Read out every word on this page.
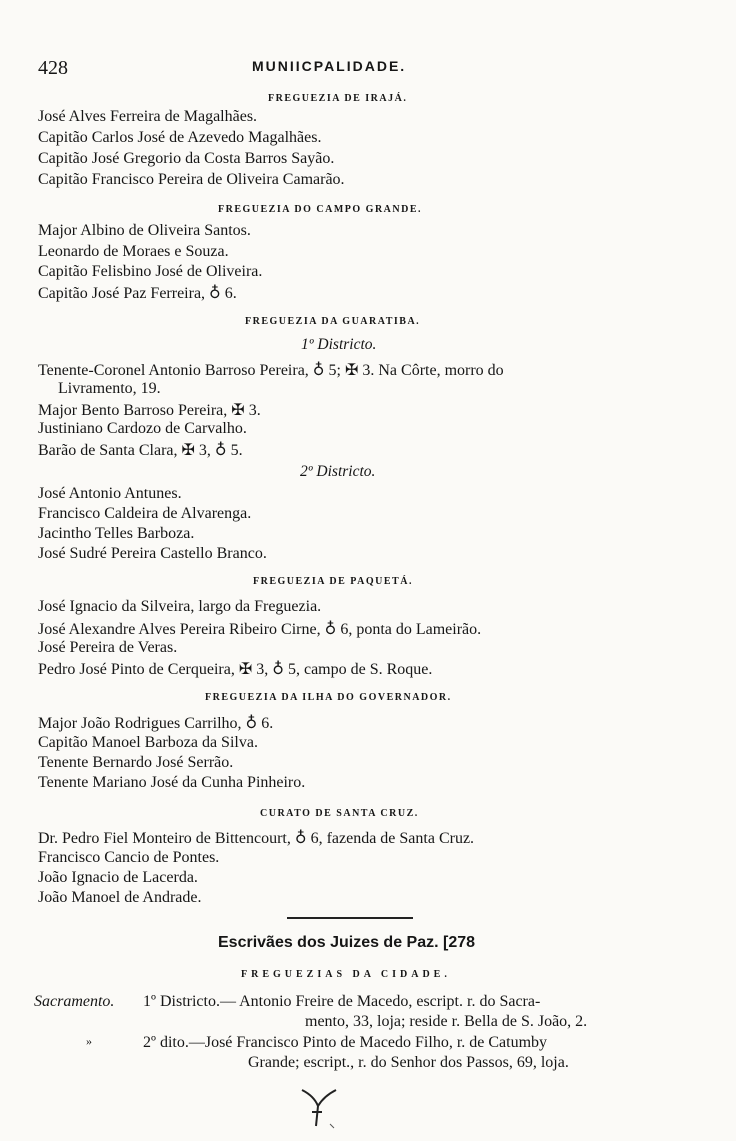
428	MUNIICPALIDADE.
FREGUEZIA DE IRAJÁ.
José Alves Ferreira de Magalhães.
Capitão Carlos José de Azevedo Magalhães.
Capitão José Gregorio da Costa Barros Sayão.
Capitão Francisco Pereira de Oliveira Camarão.
FREGUEZIA DO CAMPO GRANDE.
Major Albino de Oliveira Santos.
Leonardo de Moraes e Souza.
Capitão Felisbino José de Oliveira.
Capitão José Paz Ferreira, ♁ 6.
FREGUEZIA DA GUARATIBA.
1º Districto.
Tenente-Coronel Antonio Barroso Pereira, ♁ 5; ✠ 3. Na Côrte, morro do
Livramento, 19.
Major Bento Barroso Pereira, ✠ 3.
Justiniano Cardozo de Carvalho.
Barão de Santa Clara, ✠ 3, ♁ 5.
2º Districto.
José Antonio Antunes.
Francisco Caldeira de Alvarenga.
Jacintho Telles Barboza.
José Sudré Pereira Castello Branco.
FREGUEZIA DE PAQUETÁ.
José Ignacio da Silveira, largo da Freguezia.
José Alexandre Alves Pereira Ribeiro Cirne, ♁ 6, ponta do Lameirão.
José Pereira de Veras.
Pedro José Pinto de Cerqueira, ✠ 3, ♁ 5, campo de S. Roque.
FREGUEZIA DA ILHA DO GOVERNADOR.
Major João Rodrigues Carrilho, ♁ 6.
Capitão Manoel Barboza da Silva.
Tenente Bernardo José Serrão.
Tenente Mariano José da Cunha Pinheiro.
CURATO DE SANTA CRUZ.
Dr. Pedro Fiel Monteiro de Bittencourt, ♁ 6, fazenda de Santa Cruz.
Francisco Cancio de Pontes.
João Ignacio de Lacerda.
João Manoel de Andrade.
Escrivães dos Juizes de Paz. [278
FREGUEZIAS DA CIDADE.
Sacramento. 1º Districto.— Antonio Freire de Macedo, escript. r. do Sacra-
mento, 33, loja; reside r. Bella de S. João, 2.
»	2º dito.—José Francisco Pinto de Macedo Filho, r. de Catumby
Grande; escript., r. do Senhor dos Passos, 69, loja.
